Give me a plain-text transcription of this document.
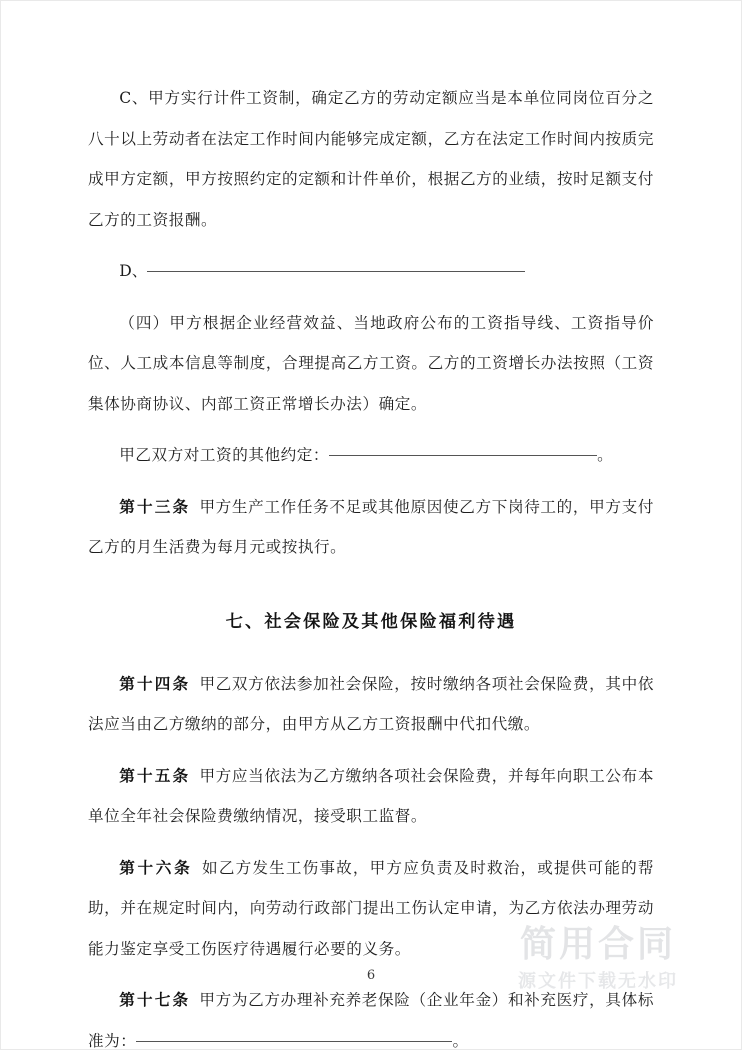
C、甲方实行计件工资制，确定乙方的劳动定额应当是本单位同岗位百分之八十以上劳动者在法定工作时间内能够完成定额，乙方在法定工作时间内按质完成甲方定额，甲方按照约定的定额和计件单价，根据乙方的业绩，按时足额支付乙方的工资报酬。

D、

（四）甲方根据企业经营效益、当地政府公布的工资指导线、工资指导价位、人工成本信息等制度，合理提高乙方工资。乙方的工资增长办法按照（工资集体协商协议、内部工资正常增长办法）确定。

甲乙双方对工资的其他约定：	。

第十三条 甲方生产工作任务不足或其他原因使乙方下岗待工的，甲方支付乙方的月生活费为每月元或按执行。

七、社会保险及其他保险福利待遇

第十四条 甲乙双方依法参加社会保险，按时缴纳各项社会保险费，其中依法应当由乙方缴纳的部分，由甲方从乙方工资报酬中代扣代缴。

第十五条 甲方应当依法为乙方缴纳各项社会保险费，并每年向职工公布本单位全年社会保险费缴纳情况，接受职工监督。

第十六条 如乙方发生工伤事故，甲方应负责及时救治，或提供可能的帮助，并在规定时间内，向劳动行政部门提出工伤认定申请，为乙方依法办理劳动能力鉴定享受工伤医疗待遇履行必要的义务。

第十七条 甲方为乙方办理补充养老保险（企业年金）和补充医疗，具体标准为：	。

简用合同
源文件下载无水印
6
